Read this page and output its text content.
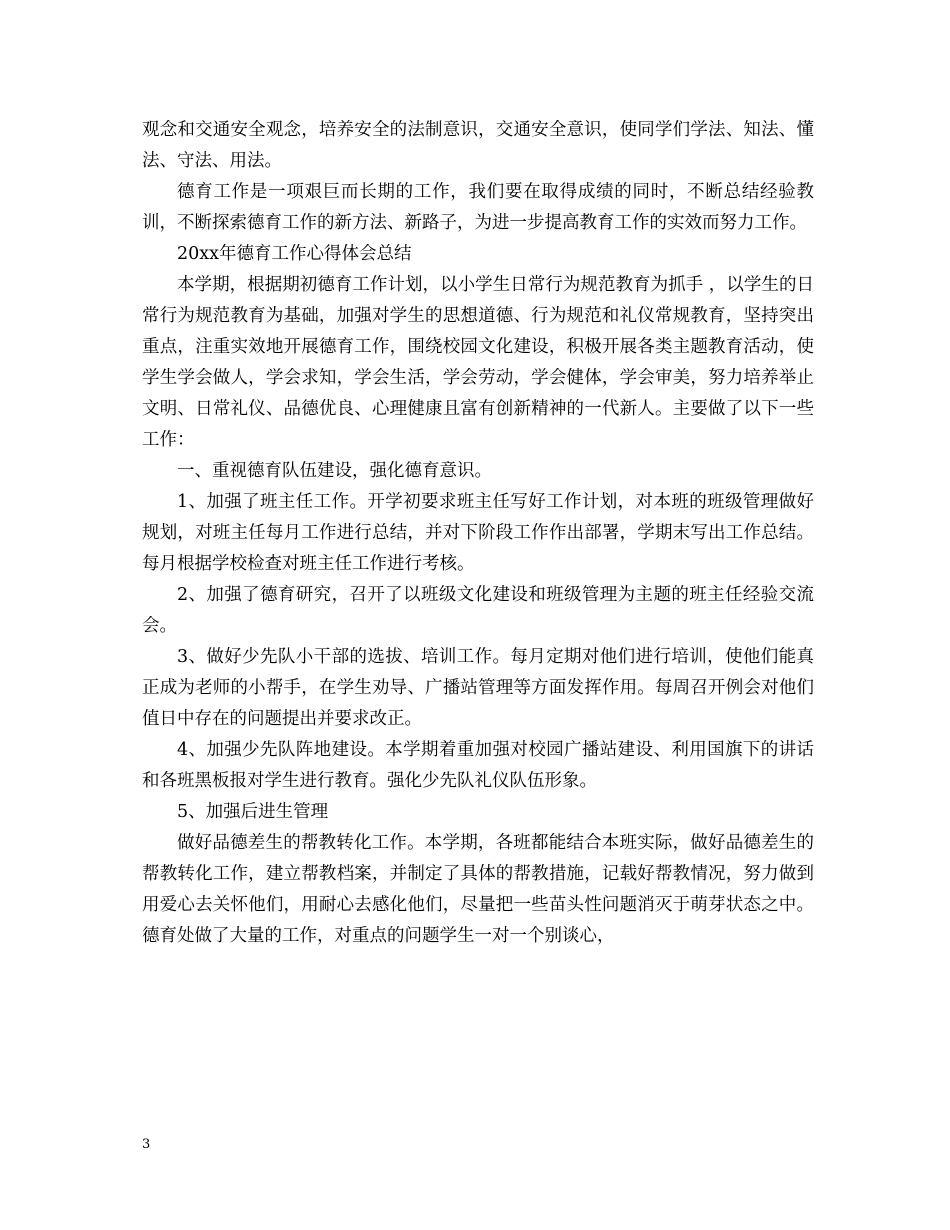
观念和交通安全观念，培养安全的法制意识，交通安全意识，使同学们学法、知法、懂法、守法、用法。

德育工作是一项艰巨而长期的工作，我们要在取得成绩的同时，不断总结经验教训，不断探索德育工作的新方法、新路子，为进一步提高教育工作的实效而努力工作。

20xx年德育工作心得体会总结

本学期，根据期初德育工作计划，以小学生日常行为规范教育为抓手 ，以学生的日常行为规范教育为基础，加强对学生的思想道德、行为规范和礼仪常规教育，坚持突出重点，注重实效地开展德育工作，围绕校园文化建设，积极开展各类主题教育活动，使学生学会做人，学会求知，学会生活，学会劳动，学会健体，学会审美，努力培养举止文明、日常礼仪、品德优良、心理健康且富有创新精神的一代新人。主要做了以下一些工作：

一、重视德育队伍建设，强化德育意识。

1、加强了班主任工作。开学初要求班主任写好工作计划，对本班的班级管理做好规划，对班主任每月工作进行总结，并对下阶段工作作出部署，学期末写出工作总结。每月根据学校检查对班主任工作进行考核。

2、加强了德育研究，召开了以班级文化建设和班级管理为主题的班主任经验交流会。

3、做好少先队小干部的选拔、培训工作。每月定期对他们进行培训，使他们能真正成为老师的小帮手，在学生劝导、广播站管理等方面发挥作用。每周召开例会对他们值日中存在的问题提出并要求改正。

4、加强少先队阵地建设。本学期着重加强对校园广播站建设、利用国旗下的讲话和各班黑板报对学生进行教育。强化少先队礼仪队伍形象。

5、加强后进生管理

做好品德差生的帮教转化工作。本学期，各班都能结合本班实际，做好品德差生的帮教转化工作，建立帮教档案，并制定了具体的帮教措施，记载好帮教情况，努力做到用爱心去关怀他们，用耐心去感化他们，尽量把一些苗头性问题消灭于萌芽状态之中。德育处做了大量的工作，对重点的问题学生一对一个别谈心，

3
